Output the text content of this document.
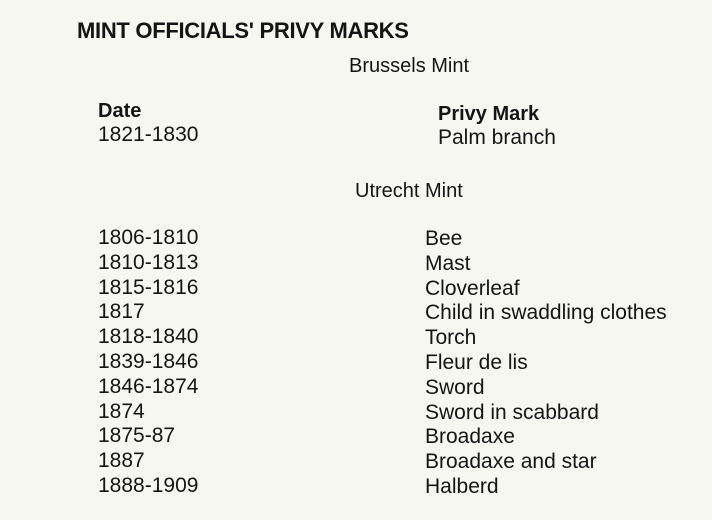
MINT OFFICIALS' PRIVY MARKS
Brussels Mint
Date	Privy Mark
1821-1830	Palm branch
Utrecht Mint
1806-1810	Bee
1810-1813	Mast
1815-1816	Cloverleaf
1817	Child in swaddling clothes
1818-1840	Torch
1839-1846	Fleur de lis
1846-1874	Sword
1874	Sword in scabbard
1875-87	Broadaxe
1887	Broadaxe and star
1888-1909	Halberd
